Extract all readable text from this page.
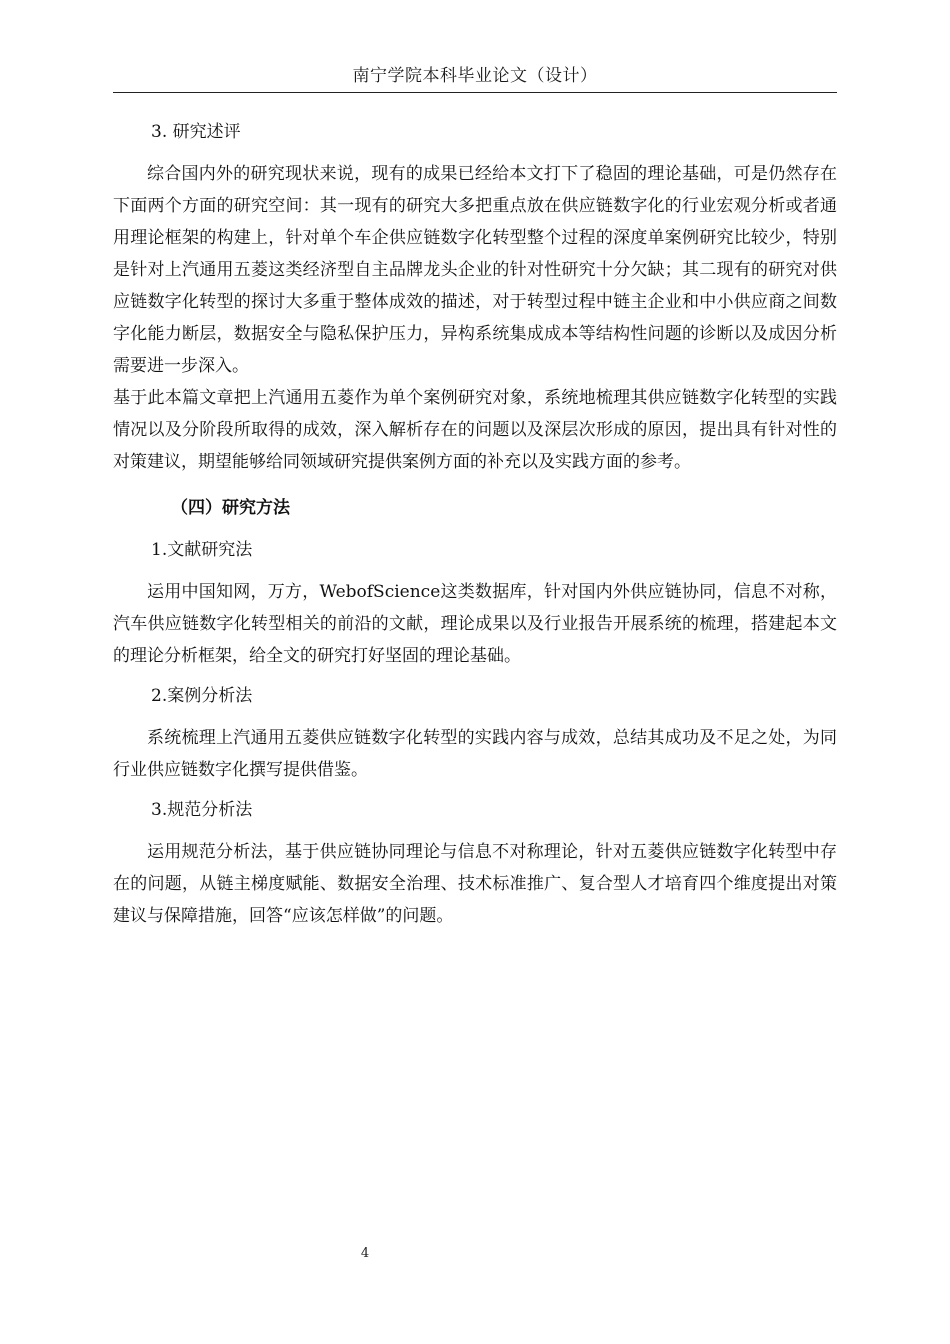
南宁学院本科毕业论文（设计）
3. 研究述评

综合国内外的研究现状来说，现有的成果已经给本文打下了稳固的理论基础，可是仍然存在下面两个方面的研究空间：其一现有的研究大多把重点放在供应链数字化的行业宏观分析或者通用理论框架的构建上，针对单个车企供应链数字化转型整个过程的深度单案例研究比较少，特别是针对上汽通用五菱这类经济型自主品牌龙头企业的针对性研究十分欠缺；其二现有的研究对供应链数字化转型的探讨大多重于整体成效的描述，对于转型过程中链主企业和中小供应商之间数字化能力断层，数据安全与隐私保护压力，异构系统集成成本等结构性问题的诊断以及成因分析需要进一步深入。

基于此本篇文章把上汽通用五菱作为单个案例研究对象，系统地梳理其供应链数字化转型的实践情况以及分阶段所取得的成效，深入解析存在的问题以及深层次形成的原因，提出具有针对性的对策建议，期望能够给同领域研究提供案例方面的补充以及实践方面的参考。

（四）研究方法
1.文献研究法

运用中国知网，万方，WebofScience这类数据库，针对国内外供应链协同，信息不对称，汽车供应链数字化转型相关的前沿的文献，理论成果以及行业报告开展系统的梳理，搭建起本文的理论分析框架，给全文的研究打好坚固的理论基础。

2.案例分析法

系统梳理上汽通用五菱供应链数字化转型的实践内容与成效，总结其成功及不足之处，为同行业供应链数字化撰写提供借鉴。

3.规范分析法

运用规范分析法，基于供应链协同理论与信息不对称理论，针对五菱供应链数字化转型中存在的问题，从链主梯度赋能、数据安全治理、技术标准推广、复合型人才培育四个维度提出对策建议与保障措施，回答“应该怎样做”的问题。

4
